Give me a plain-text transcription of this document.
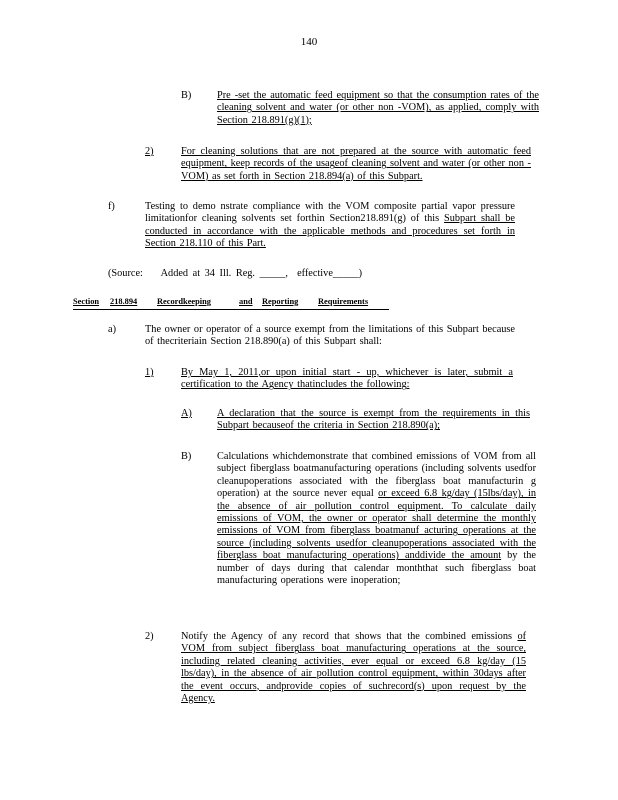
140
B) Pre -set the automatic feed equipment so that the consumption rates of the cleaning solvent and water (or other non -VOM), as applied, comply with Section 218.891(g)(1);
2)	For cleaning solutions that are not prepared at the source with automatic feed equipment, keep records of the usageof cleaning solvent and water (or other non -VOM) as set forth in Section 218.894(a) of this Subpart.
f)	Testing to demo nstrate compliance with the VOM composite partial vapor pressure limitationfor cleaning solvents set forthin Section218.891(g) of this Subpart shall be conducted in accordance with the applicable methods and procedures set forth in Section 218.110 of this Part.
(Source: Added at 34 Ill. Reg. _____, effective_____)
Section 218.894 Recordkeeping	and Reporting Requirements
a)	The owner or operator of a source exempt from the limitations of this Subpart because of thecriteriain Section 218.890(a) of this Subpart shall:
1)	By May 1, 2011,or upon initial start - up, whichever is later, submit a certification to the Agency thatincludes the following:
A) A declaration that the source is exempt from the requirements in this Subpart becauseof the criteria in Section 218.890(a);
B) Calculations whichdemonstrate that combined emissions of VOM from all subject fiberglass boatmanufacturing operations (including solvents usedfor cleanupoperations associated with the fiberglass boat manufacturin g operation) at the source never equal or exceed 6.8 kg/day (15lbs/day), in the absence of air pollution control equipment. To calculate daily emissions of VOM, the owner or operator shall determine the monthly emissions of VOM from fiberglass boatmanuf acturing operations at the source (including solvents usedfor cleanupoperations associated with the fiberglass boat manufacturing operations) anddivide the amount by the number of days during that calendar monththat such fiberglass boat manufacturing operations were inoperation;
2)	Notify the Agency of any record that shows that the combined emissions of VOM from subject fiberglass boat manufacturing operations at the source, including related cleaning activities, ever equal or exceed 6.8 kg/day (15 lbs/day), in the absence of air pollution control equipment, within 30days after the event occurs, andprovide copies of suchrecord(s) upon request by the Agency.
